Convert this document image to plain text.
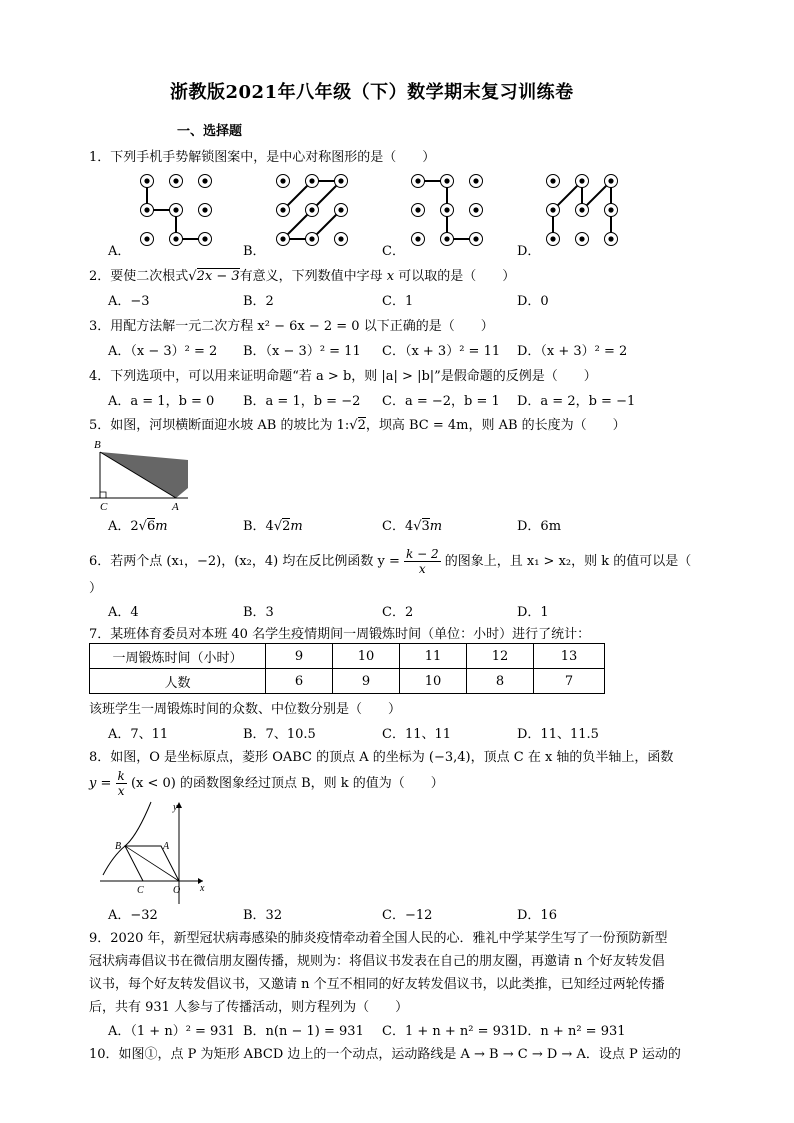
浙教版2021年八年级（下）数学期末复习训练卷
一、选择题
1．下列手机手势解锁图案中，是中心对称图形的是（　　）
A．	B．	C．	D．
2．要使二次根式√2x − 3有意义，下列数值中字母 x 可以取的是（　　）
A．−3	B．2	C．1	D．0
3．用配方法解一元二次方程 x² − 6x − 2 = 0 以下正确的是（　　）
A．（x − 3）² = 2 B．（x − 3）² = 11 C．（x + 3）² = 11 D．（x + 3）² = 2
4．下列选项中，可以用来证明命题“若 a > b，则 |a| > |b|”是假命题的反例是（　　）
A．a = 1，b = 0 B．a = 1，b = −2 C．a = −2，b = 1 D．a = 2，b = −1
5．如图，河坝横断面迎水坡 AB 的坡比为 1:√2，坝高 BC = 4m，则 AB 的长度为（　　）
B
C	A
A．2√6m	B．4√2m	C．4√3m	D．6m
6．若两个点 (x₁，−2)，(x₂，4) 均在反比例函数 $y = \frac{k - 2}{x}$ 的图象上，且 x₁ > x₂，则 k 的值可以是（
）
A．4	B．3	C．2	D．1
7．某班体育委员对本班 40 名学生疫情期间一周锻炼时间（单位：小时）进行了统计：
一周锻炼时间（小时）	9	10	11	12	13
人数	6	9	10	8	7
该班学生一周锻炼时间的众数、中位数分别是（　　）
A．7、11	B．7、10.5	C．11、11	D．11、11.5
8．如图，O 是坐标原点，菱形 OABC 的顶点 A 的坐标为 (−3,4)，顶点 C 在 x 轴的负半轴上，函数
$y = \frac{k}{x} (x < 0)$ 的函数图象经过顶点 B，则 k 的值为（　　）
y
B	A
C	O x
A．−32	B．32	C．−12	D．16
9．2020 年，新型冠状病毒感染的肺炎疫情牵动着全国人民的心．雅礼中学某学生写了一份预防新型
冠状病毒倡议书在微信朋友圈传播，规则为：将倡议书发表在自己的朋友圈，再邀请 n 个好友转发倡
议书，每个好友转发倡议书，又邀请 n 个互不相同的好友转发倡议书，以此类推，已知经过两轮传播
后，共有 931 人参与了传播活动，则方程列为（　　）
A．（1 + n）² = 931 B．n(n − 1) = 931 C．1 + n + n² = 931 D．n + n² = 931
10．如图①，点 P 为矩形 ABCD 边上的一个动点，运动路线是 A → B → C → D → A．设点 P 运动的
